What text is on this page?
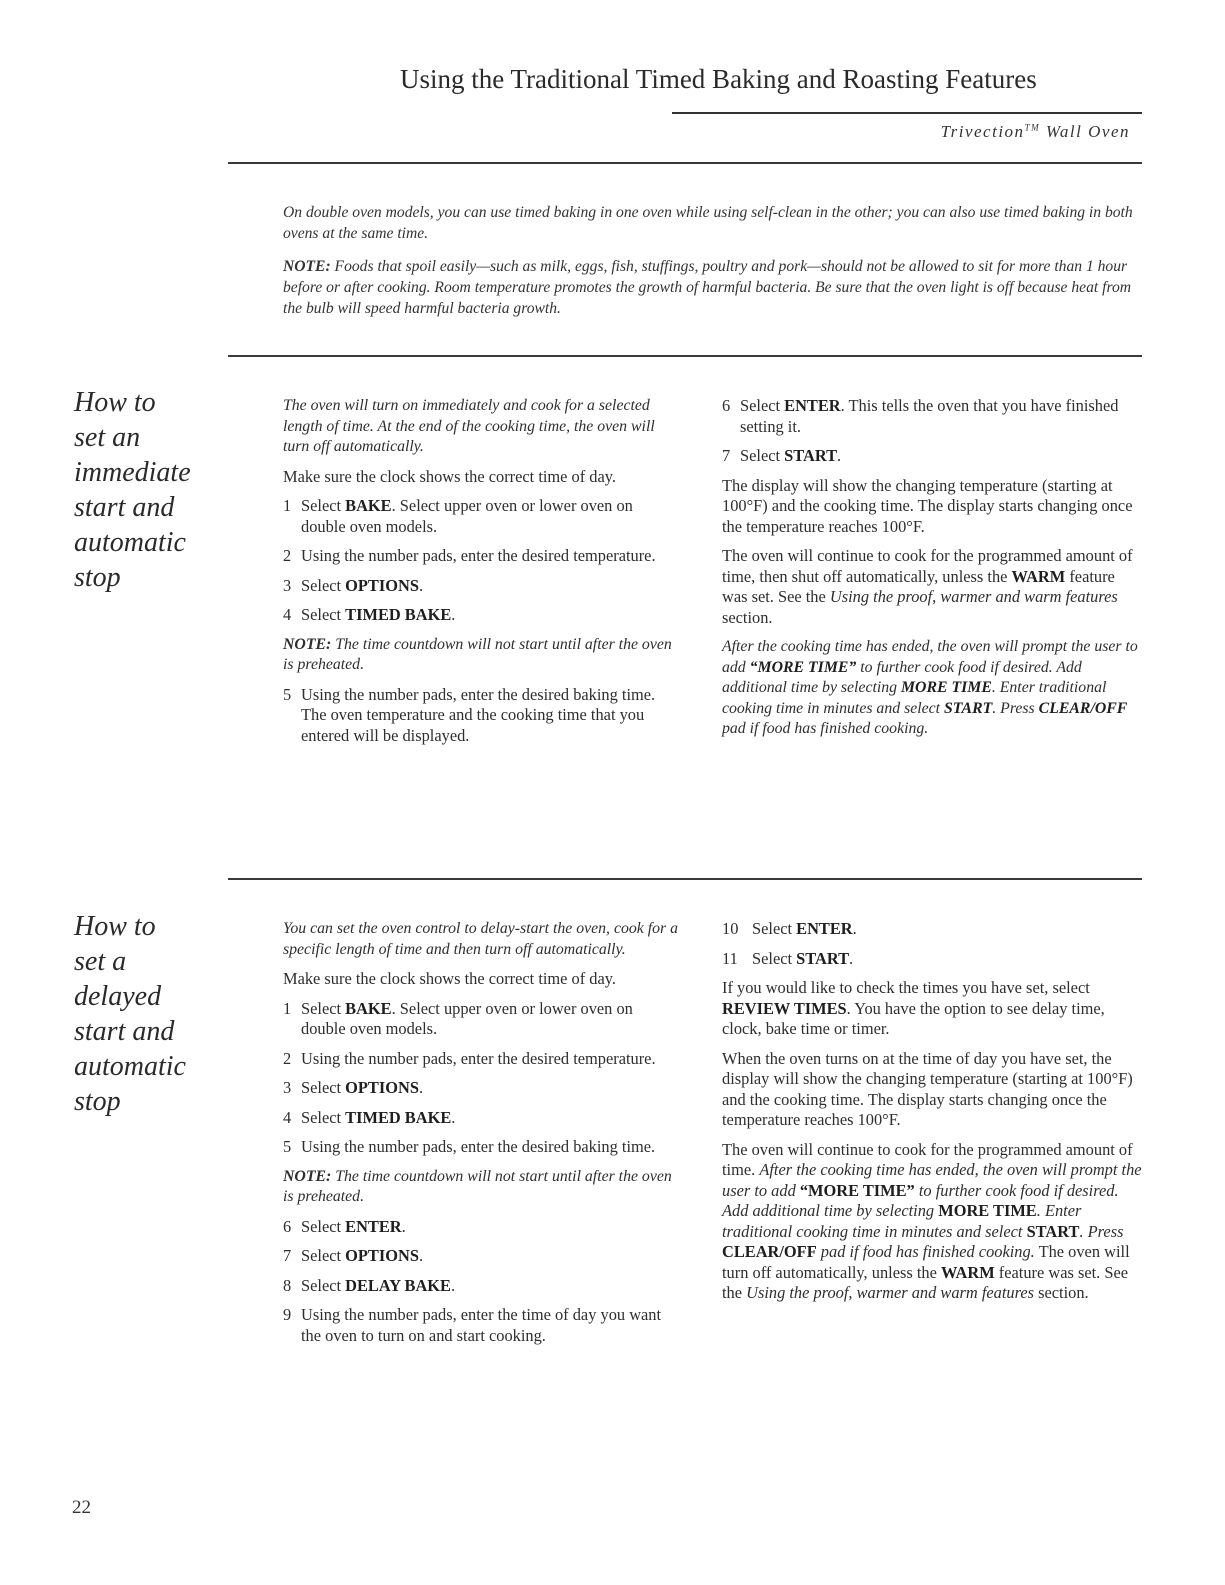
Using the Traditional Timed Baking and Roasting Features
Trivection™ Wall Oven
On double oven models, you can use timed baking in one oven while using self-clean in the other; you can also use timed baking in both ovens at the same time.
NOTE: Foods that spoil easily—such as milk, eggs, fish, stuffings, poultry and pork—should not be allowed to sit for more than 1 hour before or after cooking. Room temperature promotes the growth of harmful bacteria. Be sure that the oven light is off because heat from the bulb will speed harmful bacteria growth.
How to
set an
immediate
start and
automatic
stop

The oven will turn on immediately and cook for a selected length of time. At the end of the cooking time, the oven will turn off automatically.

Make sure the clock shows the correct time of day.

1 Select BAKE. Select upper oven or lower oven on double oven models.
2 Using the number pads, enter the desired temperature.
3 Select OPTIONS.
4 Select TIMED BAKE.

NOTE: The time countdown will not start until after the oven is preheated.

5 Using the number pads, enter the desired baking time. The oven temperature and the cooking time that you entered will be displayed.
6 Select ENTER. This tells the oven that you have finished setting it.
7 Select START.

The display will show the changing temperature (starting at 100°F) and the cooking time. The display starts changing once the temperature reaches 100°F.

The oven will continue to cook for the programmed amount of time, then shut off automatically, unless the WARM feature was set. See the Using the proof, warmer and warm features section.

After the cooking time has ended, the oven will prompt the user to add “MORE TIME” to further cook food if desired. Add additional time by selecting MORE TIME. Enter traditional cooking time in minutes and select START. Press CLEAR/OFF pad if food has finished cooking.

How to
set a
delayed
start and
automatic
stop

You can set the oven control to delay-start the oven, cook for a specific length of time and then turn off automatically.

Make sure the clock shows the correct time of day.

1 Select BAKE. Select upper oven or lower oven on double oven models.
2 Using the number pads, enter the desired temperature.
3 Select OPTIONS.
4 Select TIMED BAKE.
5 Using the number pads, enter the desired baking time.

NOTE: The time countdown will not start until after the oven is preheated.

6 Select ENTER.
7 Select OPTIONS.
8 Select DELAY BAKE.
9 Using the number pads, enter the time of day you want the oven to turn on and start cooking.
10 Select ENTER.
11 Select START.

If you would like to check the times you have set, select REVIEW TIMES. You have the option to see delay time, clock, bake time or timer.

When the oven turns on at the time of day you have set, the display will show the changing temperature (starting at 100°F) and the cooking time. The display starts changing once the temperature reaches 100°F.

The oven will continue to cook for the programmed amount of time. After the cooking time has ended, the oven will prompt the user to add “MORE TIME” to further cook food if desired. Add additional time by selecting MORE TIME. Enter traditional cooking time in minutes and select START. Press CLEAR/OFF pad if food has finished cooking. The oven will turn off automatically, unless the WARM feature was set. See the Using the proof, warmer and warm features section.

22
